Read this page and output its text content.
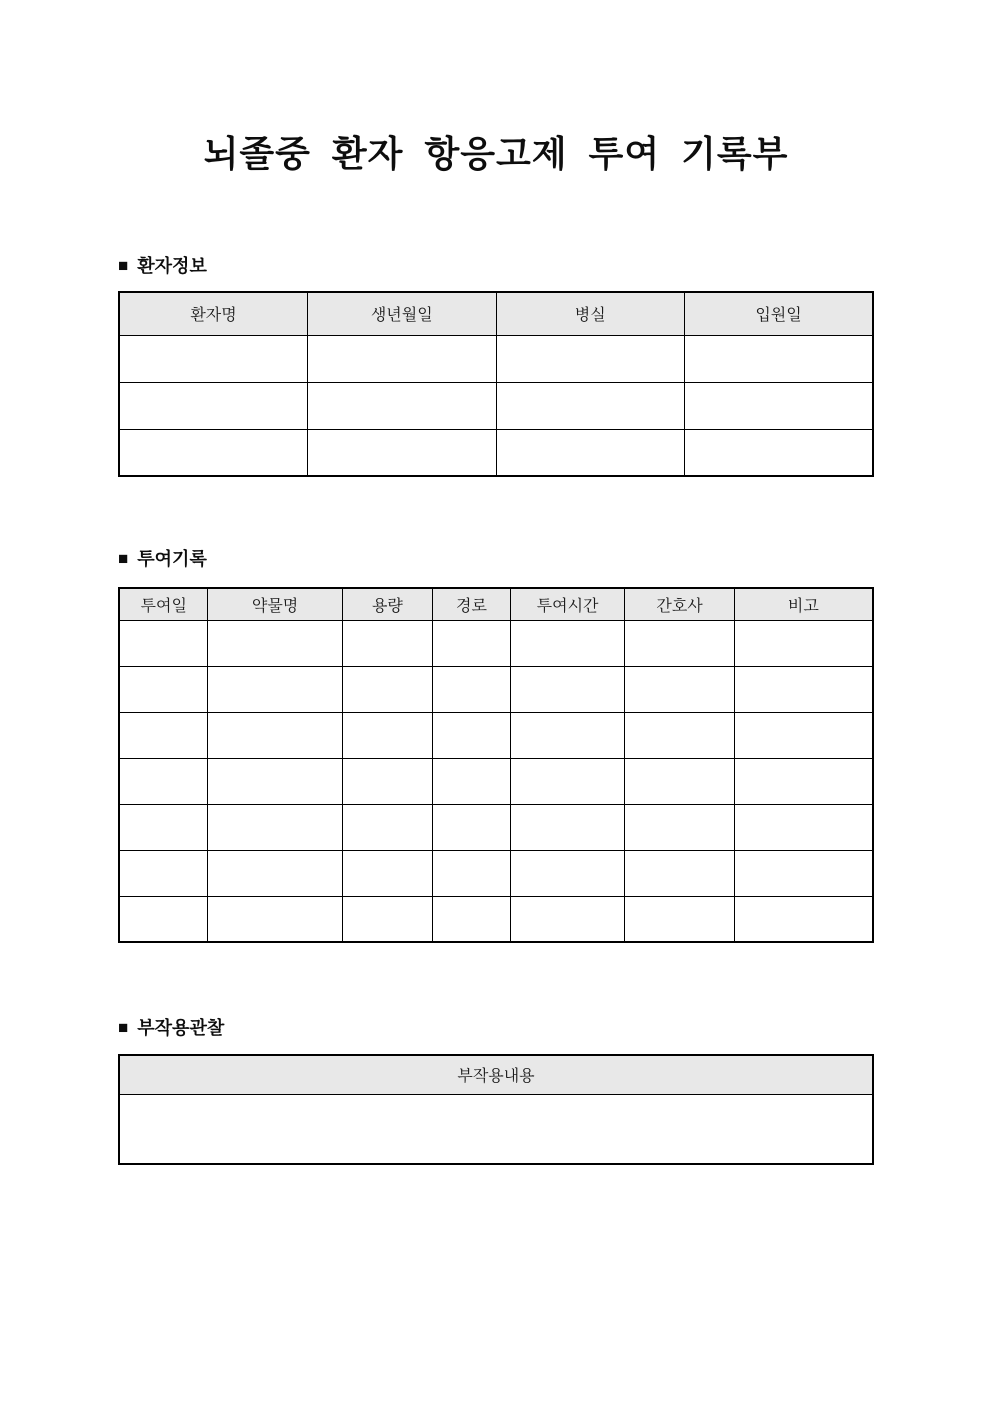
뇌졸중 환자 항응고제 투여 기록부
■ 환자정보
환자명	생년월일	병실	입원일

■ 투여기록
투여일	약물명	용량	경로	투여시간	간호사	비고

■ 부작용관찰
부작용내용
